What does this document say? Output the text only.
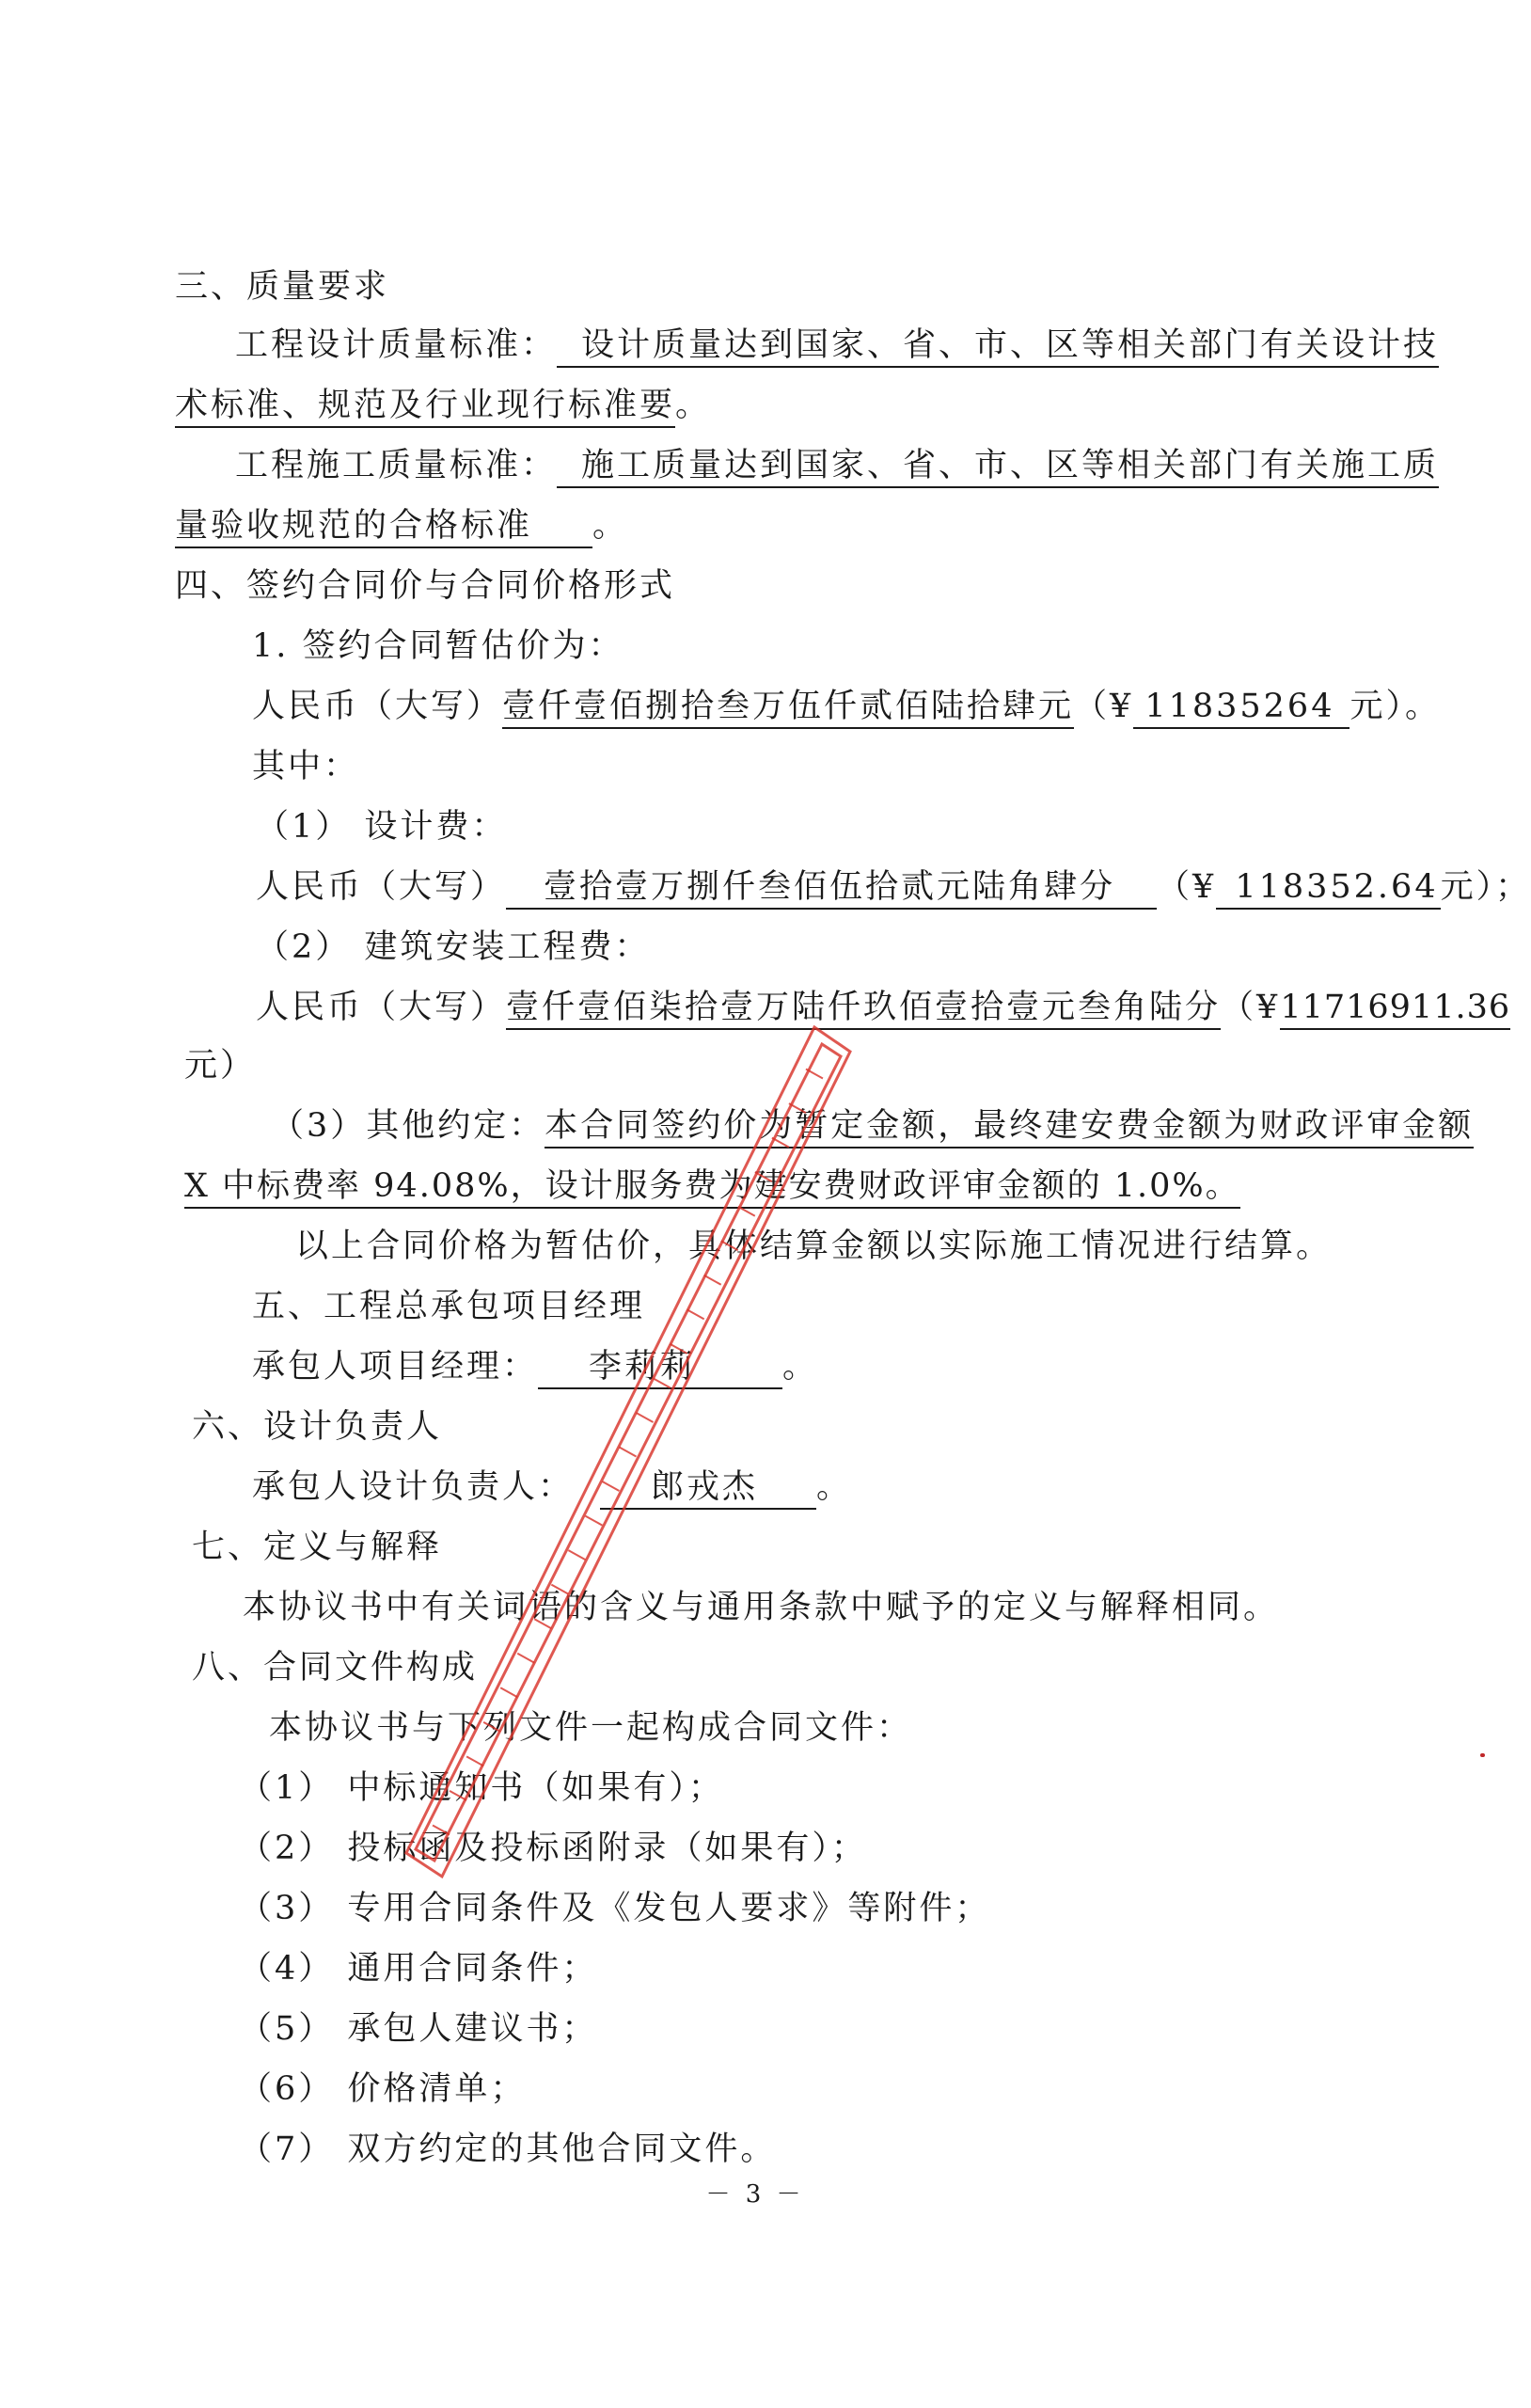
三、质量要求
工程设计质量标准： 设计质量达到国家、省、市、区等相关部门有关设计技
术标准、规范及行业现行标准要。
工程施工质量标准： 施工质量达到国家、省、市、区等相关部门有关施工质
量验收规范的合格标准 。
四、签约合同价与合同价格形式
1. 签约合同暂估价为：
人民币（大写）壹仟壹佰捌拾叁万伍仟贰佰陆拾肆元（¥ 11835264 元）。
其中：
（1） 设计费：
人民币（大写） 壹拾壹万捌仟叁佰伍拾贰元陆角肆分 （¥ 118352.64元）；
（2） 建筑安装工程费：
人民币（大写）壹仟壹佰柒拾壹万陆仟玖佰壹拾壹元叁角陆分（¥11716911.36
元）
（3）其他约定：本合同签约价为暂定金额，最终建安费金额为财政评审金额
X 中标费率 94.08%，设计服务费为建安费财政评审金额的 1.0%。
以上合同价格为暂估价，具体结算金额以实际施工情况进行结算。
五、工程总承包项目经理
承包人项目经理： 李莉莉	。
六、设计负责人
承包人设计负责人： 郎戎杰 。
七、定义与解释
本协议书中有关词语的含义与通用条款中赋予的定义与解释相同。
八、合同文件构成
本协议书与下列文件一起构成合同文件：
（1） 中标通知书（如果有）；
（2） 投标函及投标函附录（如果有）；
（3） 专用合同条件及《发包人要求》等附件；
（4） 通用合同条件；
（5） 承包人建议书；
（6） 价格清单；
（7） 双方约定的其他合同文件。
－ 3 －
